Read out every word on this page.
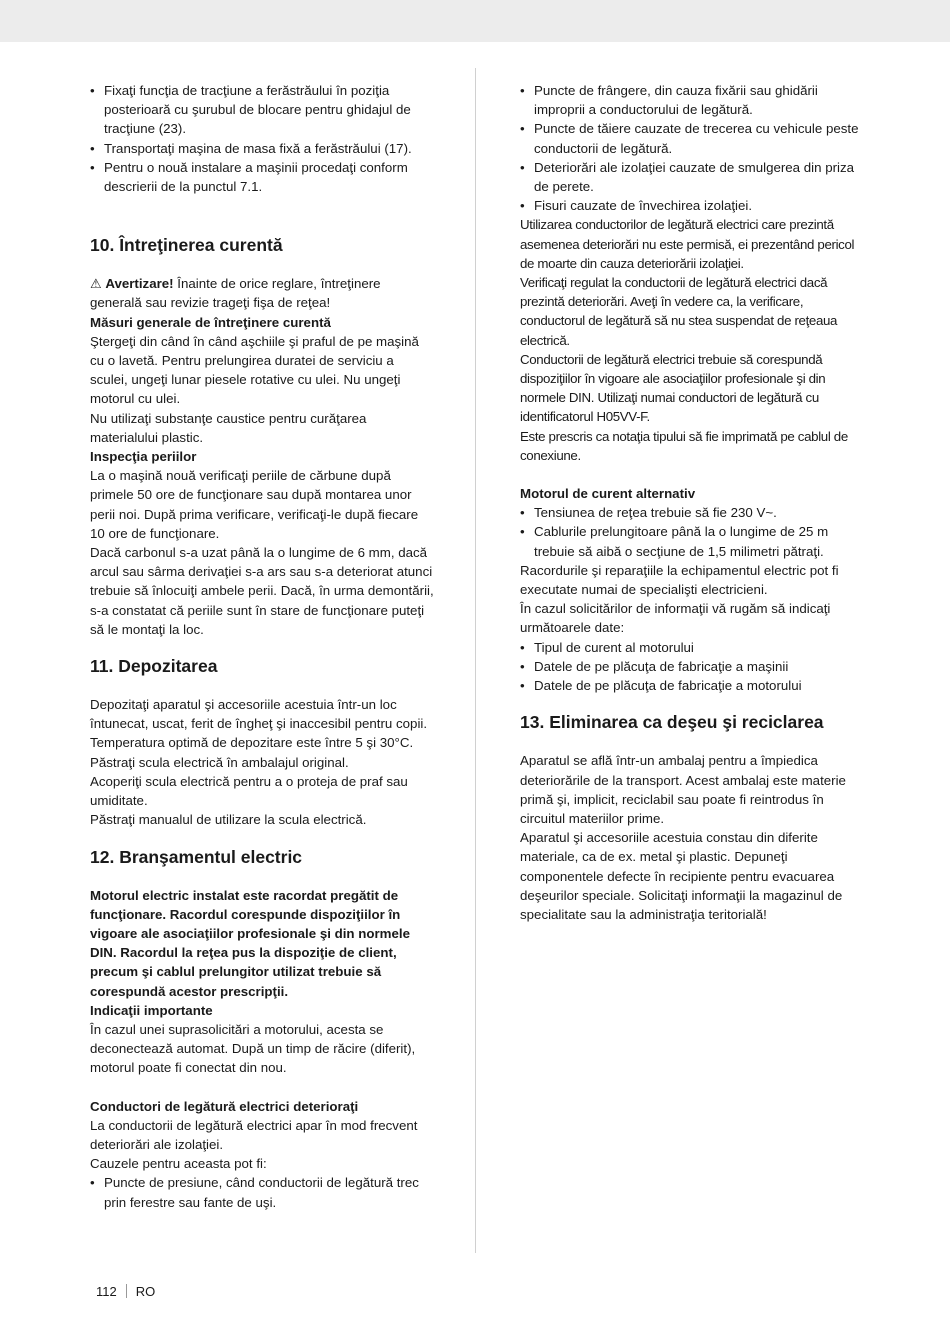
• Fixaţi funcţia de tracţiune a ferăstrăului în poziţia posterioară cu şurubul de blocare pentru ghidajul de tracţiune (23).
• Transportaţi maşina de masa fixă a ferăstrăului (17).
• Pentru o nouă instalare a maşinii procedaţi conform descrierii de la punctul 7.1.
10. Întreţinerea curentă

⚠ Avertizare! Înainte de orice reglare, întreţinere generală sau revizie trageţi fişa de reţea!

Măsuri generale de întreţinere curentă

Ştergeţi din când în când aşchiile şi praful de pe maşină cu o lavetă. Pentru prelungirea duratei de serviciu a sculei, ungeţi lunar piesele rotative cu ulei. Nu ungeţi motorul cu ulei.

Nu utilizaţi substanţe caustice pentru curăţarea materialului plastic.

Inspecţia periilor

La o maşină nouă verificaţi periile de cărbune după primele 50 ore de funcţionare sau după montarea unor perii noi. După prima verificare, verificaţi-le după fiecare 10 ore de funcţionare.

Dacă carbonul s-a uzat până la o lungime de 6 mm, dacă arcul sau sârma derivaţiei s-a ars sau s-a deteriorat atunci trebuie să înlocuiţi ambele perii. Dacă, în urma demontării, s-a constatat că periile sunt în stare de funcţionare puteţi să le montaţi la loc.

11. Depozitarea

Depozitaţi aparatul şi accesoriile acestuia într-un loc întunecat, uscat, ferit de îngheţ şi inaccesibil pentru copii. Temperatura optimă de depozitare este între 5 şi 30°C.

Păstraţi scula electrică în ambalajul original.

Acoperiţi scula electrică pentru a o proteja de praf sau umiditate.

Păstraţi manualul de utilizare la scula electrică.

12. Branşamentul electric

Motorul electric instalat este racordat pregătit de funcţionare. Racordul corespunde dispoziţiilor în vigoare ale asociaţiilor profesionale şi din normele DIN. Racordul la reţea pus la dispoziţie de client, precum şi cablul prelungitor utilizat trebuie să corespundă acestor prescripţii.

Indicaţii importante

În cazul unei suprasolicitări a motorului, acesta se deconectează automat. După un timp de răcire (diferit), motorul poate fi conectat din nou.

Conductori de legătură electrici deterioraţi

La conductorii de legătură electrici apar în mod frecvent deteriorări ale izolaţiei.

Cauzele pentru aceasta pot fi:

• Puncte de presiune, când conductorii de legătură trec prin ferestre sau fante de uşi.
• Puncte de frângere, din cauza fixării sau ghidării improprii a conductorului de legătură.
• Puncte de tăiere cauzate de trecerea cu vehicule peste conductorii de legătură.
• Deteriorări ale izolaţiei cauzate de smulgerea din priza de perete.
• Fisuri cauzate de învechirea izolaţiei.

Utilizarea conductorilor de legătură electrici care prezintă asemenea deteriorări nu este permisă, ei prezentând pericol de moarte din cauza deteriorării izolaţiei.

Verificaţi regulat la conductorii de legătură electrici dacă prezintă deteriorări. Aveţi în vedere ca, la verificare, conductorul de legătură să nu stea suspendat de reţeaua electrică.

Conductorii de legătură electrici trebuie să corespundă dispoziţiilor în vigoare ale asociaţiilor profesionale şi din normele DIN. Utilizaţi numai conductori de legătură cu identificatorul H05VV-F.

Este prescris ca notaţia tipului să fie imprimată pe cablul de conexiune.

Motorul de curent alternativ

• Tensiunea de reţea trebuie să fie 230 V~.
• Cablurile prelungitoare până la o lungime de 25 m trebuie să aibă o secţiune de 1,5 milimetri pătraţi.

Racordurile şi reparaţiile la echipamentul electric pot fi executate numai de specialişti electricieni.

În cazul solicitărilor de informaţii vă rugăm să indicaţi următoarele date:

• Tipul de curent al motorului
• Datele de pe plăcuţa de fabricaţie a maşinii
• Datele de pe plăcuţa de fabricaţie a motorului
13. Eliminarea ca deşeu şi reciclarea

Aparatul se află într-un ambalaj pentru a împiedica deteriorările de la transport. Acest ambalaj este materie primă şi, implicit, reciclabil sau poate fi reintrodus în circuitul materiilor prime.

Aparatul şi accesoriile acestuia constau din diferite materiale, ca de ex. metal şi plastic. Depuneţi componentele defecte în recipiente pentru evacuarea deşeurilor speciale. Solicitaţi informaţii la magazinul de specialitate sau la administraţia teritorială!

112 RO
